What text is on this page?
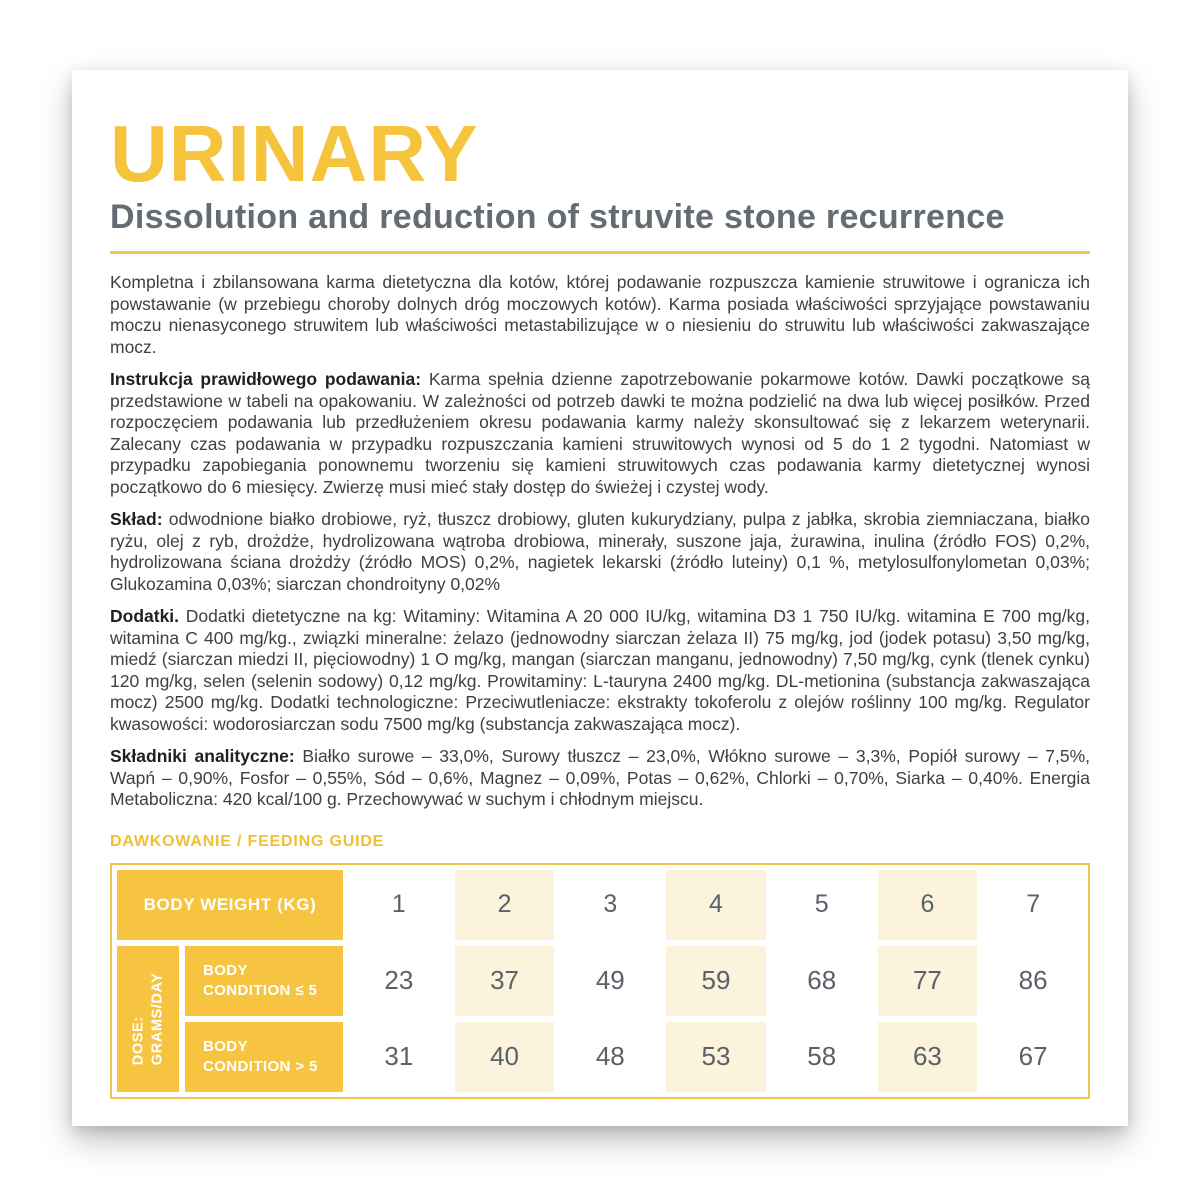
URINARY
Dissolution and reduction of struvite stone recurrence

Kompletna i zbilansowana karma dietetyczna dla kotów, której podawanie rozpuszcza kamienie struwitowe i ogranicza ich powstawanie (w przebiegu choroby dolnych dróg moczowych kotów). Karma posiada właściwości sprzyjające powstawaniu moczu nienasyconego struwitem lub właściwości metastabilizujące w o niesieniu do struwitu lub właściwości zakwaszające mocz.

Instrukcja prawidłowego podawania: Karma spełnia dzienne zapotrzebowanie pokarmowe kotów. Dawki początkowe są przedstawione w tabeli na opakowaniu. W zależności od potrzeb dawki te można podzielić na dwa lub więcej posiłków. Przed rozpoczęciem podawania lub przedłużeniem okresu podawania karmy należy skonsultować się z lekarzem weterynarii. Zalecany czas podawania w przypadku rozpuszczania kamieni struwitowych wynosi od 5 do 1 2 tygodni. Natomiast w przypadku zapobiegania ponownemu tworzeniu się kamieni struwitowych czas podawania karmy dietetycznej wynosi początkowo do 6 miesięcy. Zwierzę musi mieć stały dostęp do świeżej i czystej wody.

Skład: odwodnione białko drobiowe, ryż, tłuszcz drobiowy, gluten kukurydziany, pulpa z jabłka, skrobia ziemniaczana, białko ryżu, olej z ryb, drożdże, hydrolizowana wątroba drobiowa, minerały, suszone jaja, żurawina, inulina (źródło FOS) 0,2%, hydrolizowana ściana drożdży (źródło MOS) 0,2%, nagietek lekarski (źródło luteiny) 0,1 %, metylosulfonylometan 0,03%; Glukozamina 0,03%; siarczan chondroityny 0,02%

Dodatki. Dodatki dietetyczne na kg: Witaminy: Witamina A 20 000 IU/kg, witamina D3 1 750 IU/kg. witamina E 700 mg/kg, witamina C 400 mg/kg., związki mineralne: żelazo (jednowodny siarczan żelaza II) 75 mg/kg, jod (jodek potasu) 3,50 mg/kg, miedź (siarczan miedzi II, pięciowodny) 1 O mg/kg, mangan (siarczan manganu, jednowodny) 7,50 mg/kg, cynk (tlenek cynku) 120 mg/kg, selen (selenin sodowy) 0,12 mg/kg. Prowitaminy: L-tauryna 2400 mg/kg. DL-metionina (substancja zakwaszająca mocz) 2500 mg/kg. Dodatki technologiczne: Przeciwutleniacze: ekstrakty tokoferolu z olejów roślinny 100 mg/kg. Regulator kwasowości: wodorosiarczan sodu 7500 mg/kg (substancja zakwaszająca mocz).

Składniki analityczne: Białko surowe – 33,0%, Surowy tłuszcz – 23,0%, Włókno surowe – 3,3%, Popiół surowy – 7,5%, Wapń – 0,90%, Fosfor – 0,55%, Sód – 0,6%, Magnez – 0,09%, Potas – 0,62%, Chlorki – 0,70%, Siarka – 0,40%. Energia Metaboliczna: 420 kcal/100 g. Przechowywać w suchym i chłodnym miejscu.

DAWKOWANIE / FEEDING GUIDE
BODY WEIGHT (KG)	1	2	3	4	5	6	7
DOSE: GRAMS/DAY
BODY
CONDITION ≤ 5	23	37	49	59	68	77	86
BODY
CONDITION > 5	31	40	48	53	58	63	67
